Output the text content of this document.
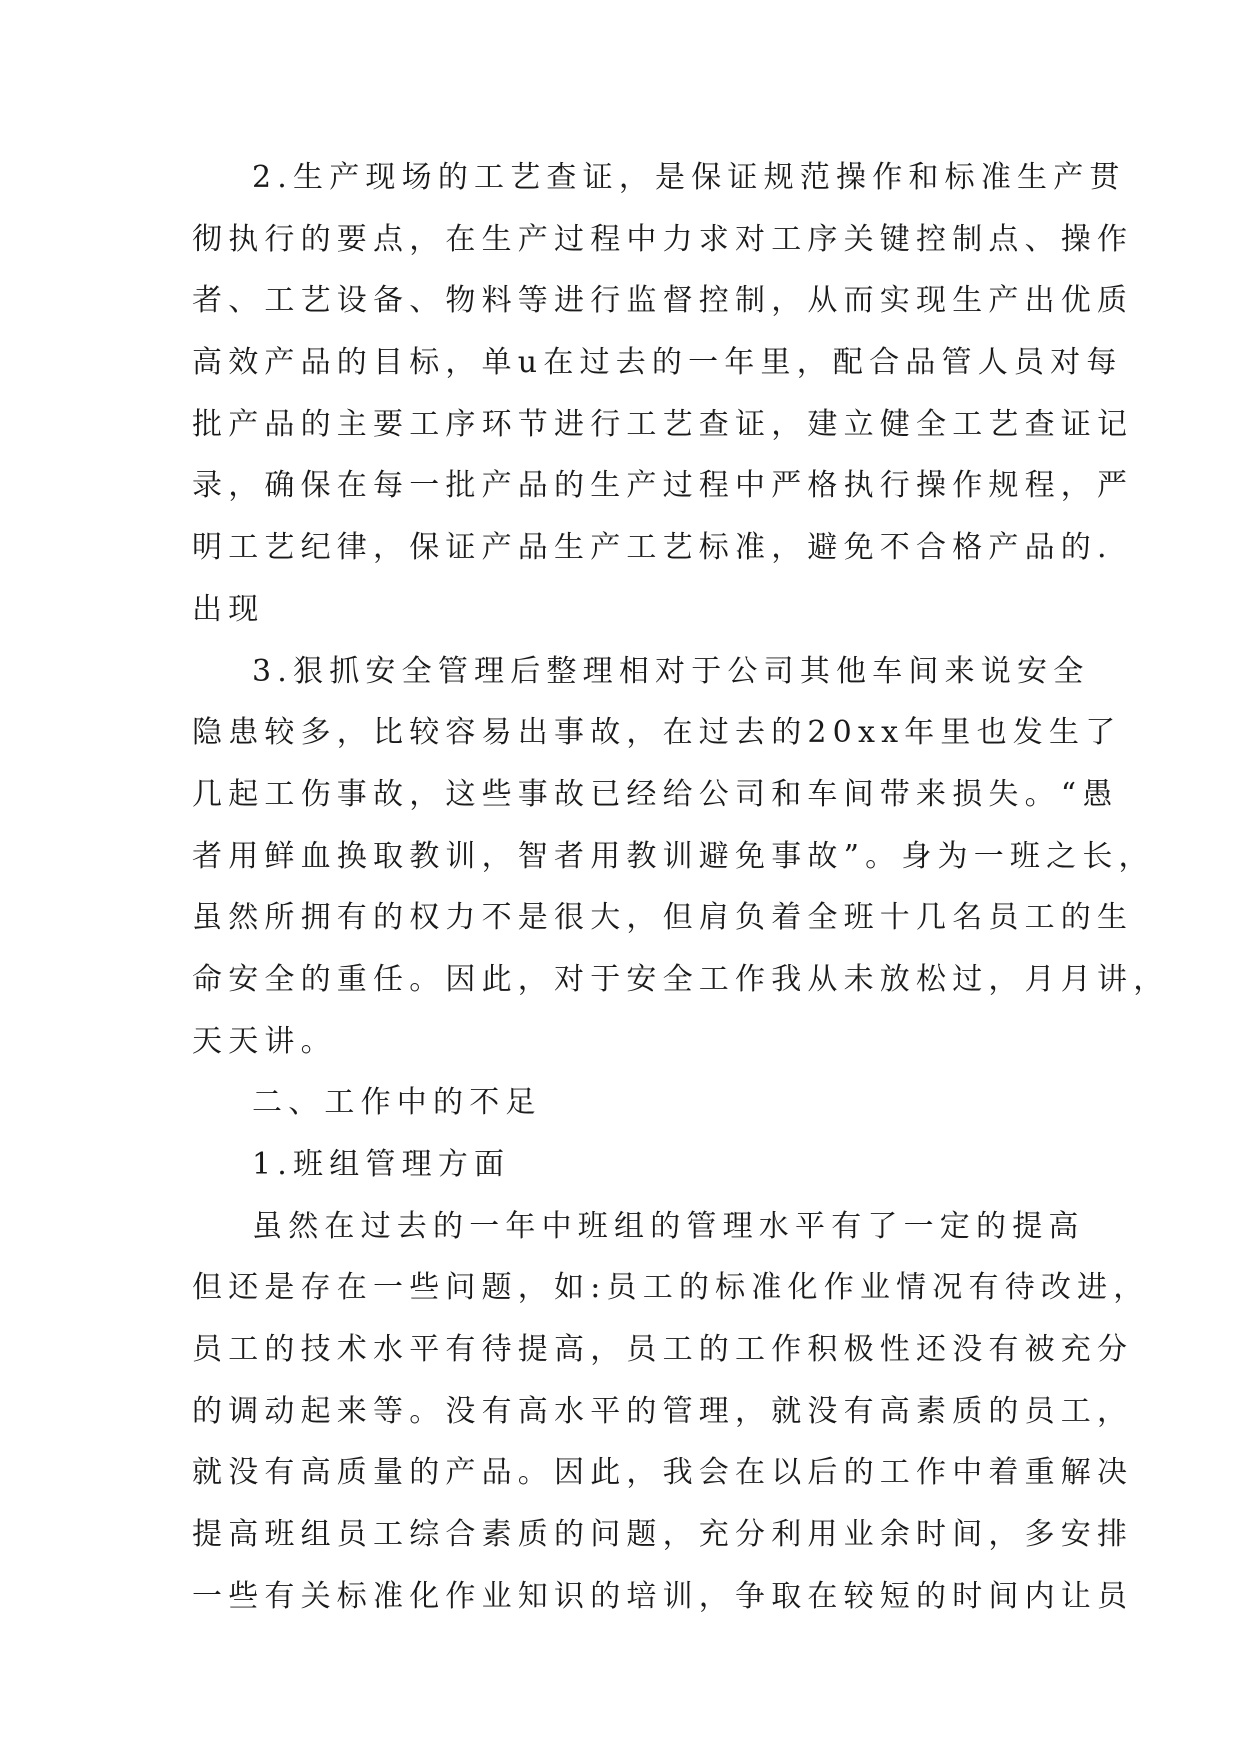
2.生产现场的工艺查证，是保证规范操作和标准生产贯
彻执行的要点，在生产过程中力求对工序关键控制点、操作
者、工艺设备、物料等进行监督控制，从而实现生产出优质
高效产品的目标，单u在过去的一年里，配合品管人员对每
批产品的主要工序环节进行工艺查证，建立健全工艺查证记
录，确保在每一批产品的生产过程中严格执行操作规程，严
明工艺纪律，保证产品生产工艺标准，避免不合格产品的.
出现
3.狠抓安全管理后整理相对于公司其他车间来说安全
隐患较多，比较容易出事故，在过去的20xx年里也发生了
几起工伤事故，这些事故已经给公司和车间带来损失。“愚
者用鲜血换取教训，智者用教训避免事故”。身为一班之长，
虽然所拥有的权力不是很大，但肩负着全班十几名员工的生
命安全的重任。因此，对于安全工作我从未放松过，月月讲，
天天讲。
二、工作中的不足
1.班组管理方面
虽然在过去的一年中班组的管理水平有了一定的提高
但还是存在一些问题，如:员工的标准化作业情况有待改进，
员工的技术水平有待提高，员工的工作积极性还没有被充分
的调动起来等。没有高水平的管理，就没有高素质的员工，
就没有高质量的产品。因此，我会在以后的工作中着重解决
提高班组员工综合素质的问题，充分利用业余时间，多安排
一些有关标准化作业知识的培训，争取在较短的时间内让员
